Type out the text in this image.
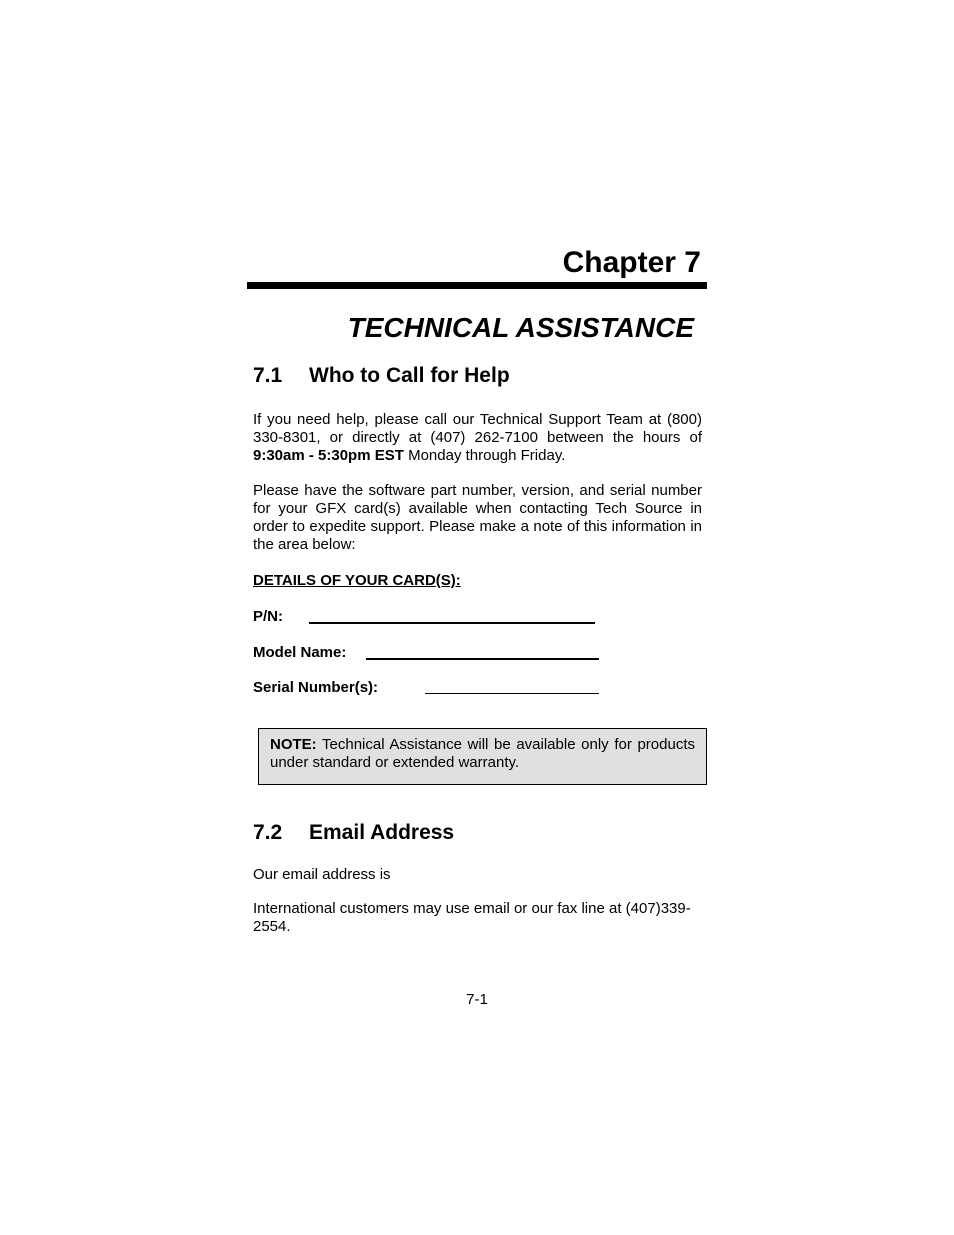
Chapter 7
TECHNICAL ASSISTANCE
7.1 Who to Call for Help
If you need help, please call our Technical Support Team at (800) 330-8301, or directly at (407) 262-7100 between the hours of 9:30am - 5:30pm EST Monday through Friday.
Please have the software part number, version, and serial number for your GFX card(s) available when contacting Tech Source in order to expedite support. Please make a note of this information in the area below:
DETAILS OF YOUR CARD(S):
P/N:
Model Name:
Serial Number(s):
NOTE: Technical Assistance will be available only for products under standard or extended warranty.
7.2 Email Address
Our email address is
International customers may use email or our fax line at (407)339-2554.
7-1
